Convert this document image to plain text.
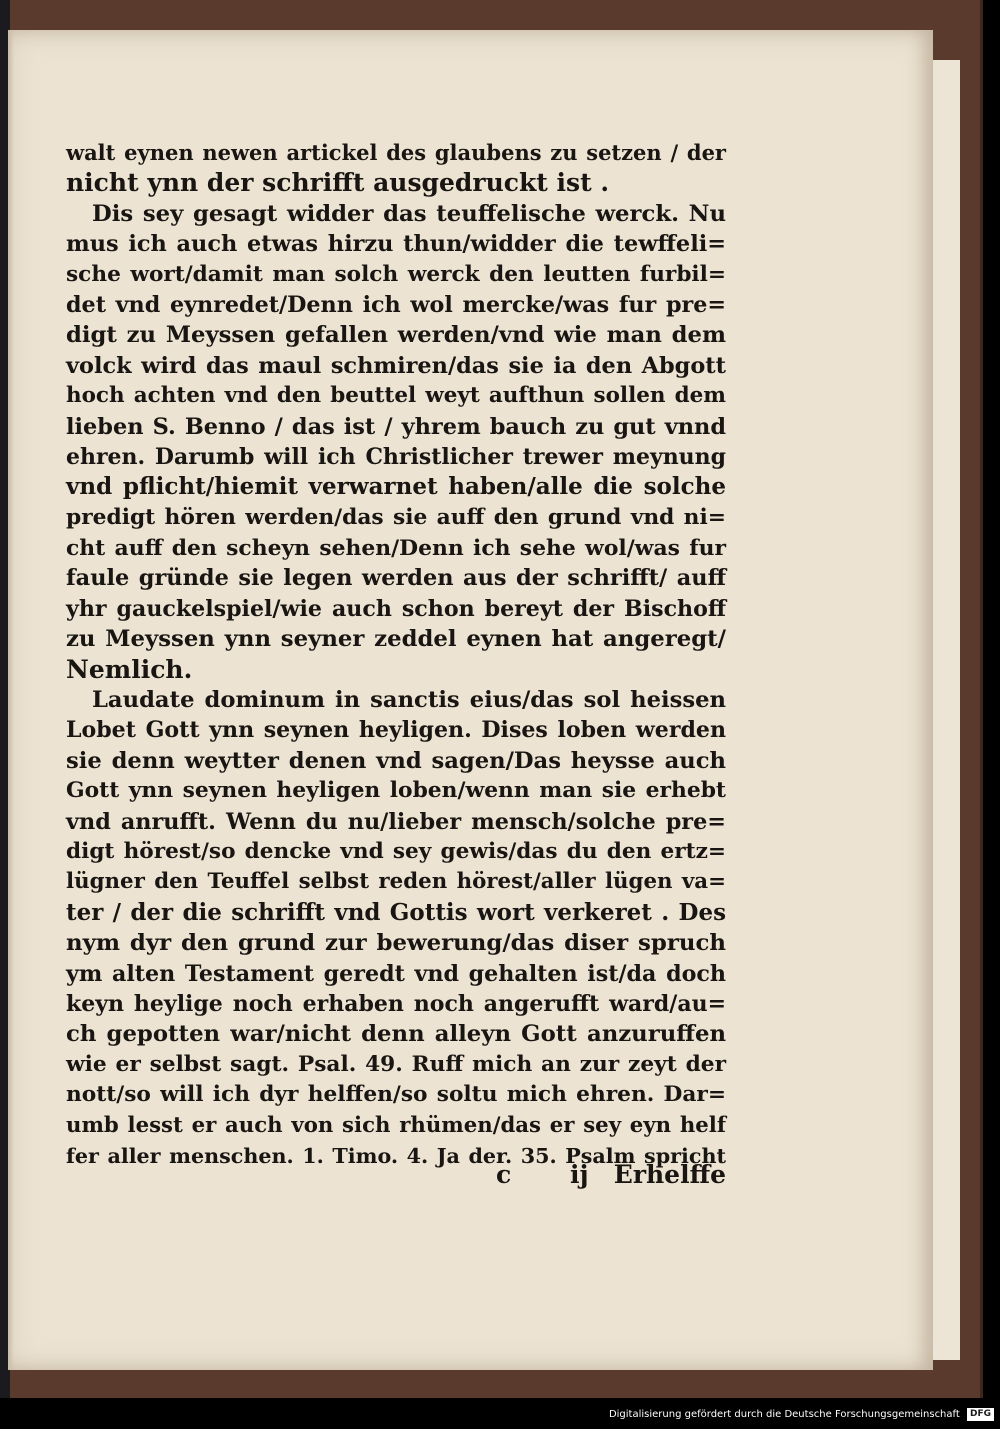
walt eynen newen artickel des glaubens zu setzen / der
nicht ynn der schrifft ausgedruckt ist .
Dis sey gesagt widder das teuffelische werck. Nu
mus ich auch etwas hirzu thun/widder die tewffeli=
sche wort/damit man solch werck den leutten furbil=
det vnd eynredet/Denn ich wol mercke/was fur pre=
digt zu Meyssen gefallen werden/vnd wie man dem
volck wird das maul schmiren/das sie ia den Abgott
hoch achten vnd den beuttel weyt aufthun sollen dem
lieben S. Benno / das ist / yhrem bauch zu gut vnnd
ehren. Darumb will ich Christlicher trewer meynung
vnd pflicht/hiemit verwarnet haben/alle die solche
predigt hören werden/das sie auff den grund vnd ni=
cht auff den scheyn sehen/Denn ich sehe wol/was fur
faule gründe sie legen werden aus der schrifft/ auff
yhr gauckelspiel/wie auch schon bereyt der Bischoff
zu Meyssen ynn seyner zeddel eynen hat angeregt/
Nemlich.
Laudate dominum in sanctis eius/das sol heissen
Lobet Gott ynn seynen heyligen. Dises loben werden
sie denn weytter denen vnd sagen/Das heysse auch
Gott ynn seynen heyligen loben/wenn man sie erhebt
vnd anrufft. Wenn du nu/lieber mensch/solche pre=
digt hörest/so dencke vnd sey gewis/das du den ertz=
lügner den Teuffel selbst reden hörest/aller lügen va=
ter / der die schrifft vnd Gottis wort verkeret . Des
nym dyr den grund zur bewerung/das diser spruch
ym alten Testament geredt vnd gehalten ist/da doch
keyn heylige noch erhaben noch angerufft ward/au=
ch gepotten war/nicht denn alleyn Gott anzuruffen
wie er selbst sagt. Psal. 49. Ruff mich an zur zeyt der
nott/so will ich dyr helffen/so soltu mich ehren. Dar=
umb lesst er auch von sich rhümen/das er sey eyn helf
fer aller menschen. 1. Timo. 4. Ja der. 35. Psalm spricht
c ij Erhelffe
Digitalisierung gefördert durch die Deutsche Forschungsgemeinschaft DFG
